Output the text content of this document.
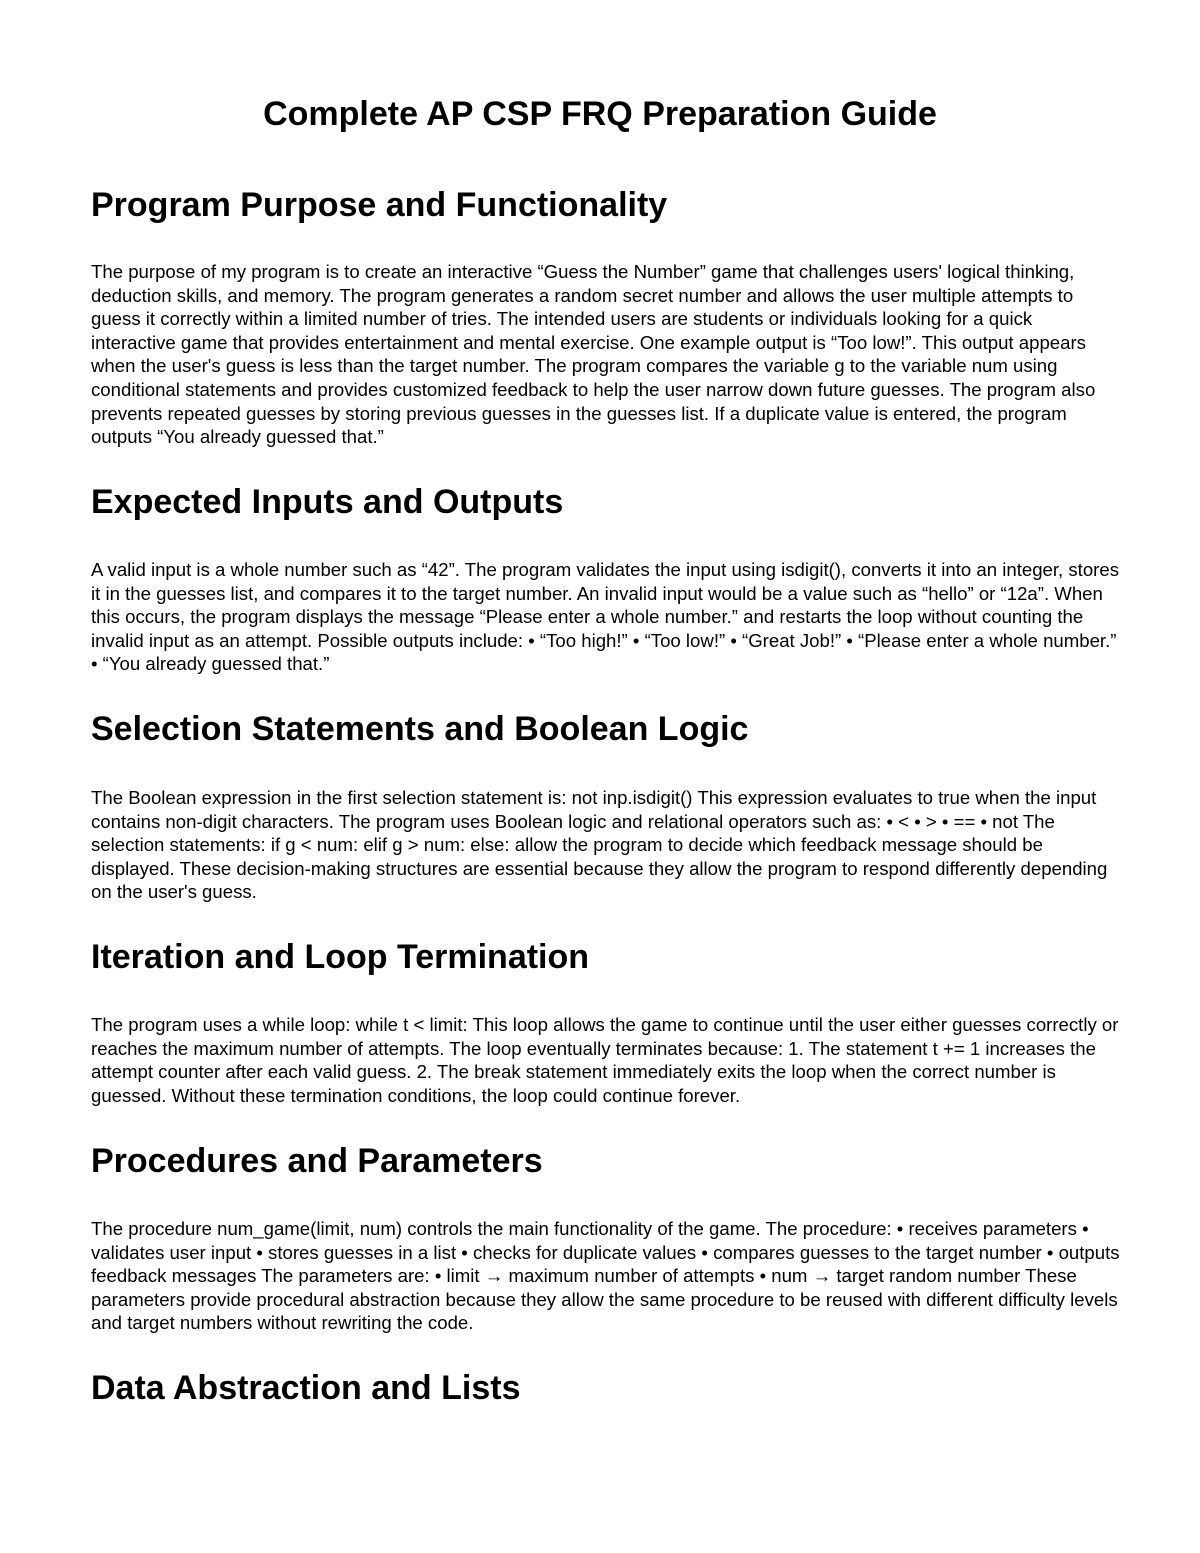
Complete AP CSP FRQ Preparation Guide
Program Purpose and Functionality

The purpose of my program is to create an interactive “Guess the Number” game that challenges users' logical thinking, deduction skills, and memory. The program generates a random secret number and allows the user multiple attempts to guess it correctly within a limited number of tries. The intended users are students or individuals looking for a quick interactive game that provides entertainment and mental exercise. One example output is “Too low!”. This output appears when the user's guess is less than the target number. The program compares the variable g to the variable num using conditional statements and provides customized feedback to help the user narrow down future guesses. The program also prevents repeated guesses by storing previous guesses in the guesses list. If a duplicate value is entered, the program outputs “You already guessed that.”

Expected Inputs and Outputs

A valid input is a whole number such as “42”. The program validates the input using isdigit(), converts it into an integer, stores it in the guesses list, and compares it to the target number. An invalid input would be a value such as “hello” or “12a”. When this occurs, the program displays the message “Please enter a whole number.” and restarts the loop without counting the invalid input as an attempt. Possible outputs include: • “Too high!” • “Too low!” • “Great Job!” • “Please enter a whole number.” • “You already guessed that.”

Selection Statements and Boolean Logic

The Boolean expression in the first selection statement is: not inp.isdigit() This expression evaluates to true when the input contains non-digit characters. The program uses Boolean logic and relational operators such as: • < • > • == • not The selection statements: if g < num: elif g > num: else: allow the program to decide which feedback message should be displayed. These decision-making structures are essential because they allow the program to respond differently depending on the user's guess.

Iteration and Loop Termination

The program uses a while loop: while t < limit: This loop allows the game to continue until the user either guesses correctly or reaches the maximum number of attempts. The loop eventually terminates because: 1. The statement t += 1 increases the attempt counter after each valid guess. 2. The break statement immediately exits the loop when the correct number is guessed. Without these termination conditions, the loop could continue forever.

Procedures and Parameters

The procedure num_game(limit, num) controls the main functionality of the game. The procedure: • receives parameters • validates user input • stores guesses in a list • checks for duplicate values • compares guesses to the target number • outputs feedback messages The parameters are: • limit → maximum number of attempts • num → target random number These parameters provide procedural abstraction because they allow the same procedure to be reused with different difficulty levels and target numbers without rewriting the code.

Data Abstraction and Lists
